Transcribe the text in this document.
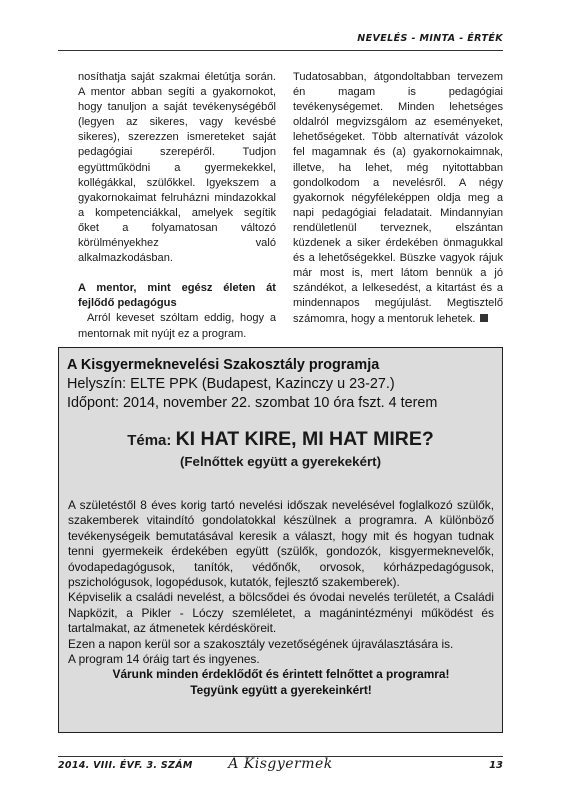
NEVELÉS - MINTA - ÉRTÉK

nosíthatja saját szakmai életútja során. A mentor abban segíti a gyakornokot, hogy tanuljon a saját tevékenységéből (legyen az sikeres, vagy kevésbé sikeres), szerezzen ismereteket saját pedagógiai szerepéről. Tudjon együttműködni a gyermekekkel, kollégákkal, szülőkkel. Igyekszem a gyakornokaimat felruházni mindazokkal a kompetenciákkal, amelyek segítik őket a folyamatosan változó körülményekhez való alkalmazkodásban.

A mentor, mint egész életen át fejlődő pedagógus

Arról keveset szóltam eddig, hogy a mentornak mit nyújt ez a program.

Tudatosabban, átgondoltabban tervezem én magam is pedagógiai tevékenységemet. Minden lehetséges oldalról megvizsgálom az eseményeket, lehetőségeket. Több alternatívát vázolok fel magamnak és (a) gyakornokaimnak, illetve, ha lehet, még nyitottabban gondolkodom a nevelésről. A négy gyakornok négyféleképpen oldja meg a napi pedagógiai feladatait. Mindannyian rendületlenül terveznek, elszántan küzdenek a siker érdekében önmagukkal és a lehetőségekkel. Büszke vagyok rájuk már most is, mert látom bennük a jó szándékot, a lelkesedést, a kitartást és a mindennapos megújulást. Megtisztelő számomra, hogy a mentoruk lehetek.

A Kisgyermeknevelési Szakosztály programja
Helyszín: ELTE PPK (Budapest, Kazinczy u 23-27.)
Időpont: 2014, november 22. szombat 10 óra fszt. 4 terem
Téma: KI HAT KIRE, MI HAT MIRE?
(Felnőttek együtt a gyerekekért)

A születéstől 8 éves korig tartó nevelési időszak nevelésével foglalkozó szülők, szakemberek vitaindító gondolatokkal készülnek a programra. A különböző tevékenységeik bemutatásával keresik a választ, hogy mit és hogyan tudnak tenni gyermekeik érdekében együtt (szülők, gondozók, kisgyermeknevelők, óvodapedagógusok, tanítók, védőnők, orvosok, kórházpedagógusok, pszichológusok, logopédusok, kutatók, fejlesztő szakemberek).

Képviselik a családi nevelést, a bölcsődei és óvodai nevelés területét, a Családi Napközit, a Pikler - Lóczy szemléletet, a magánintézményi működést és tartalmakat, az átmenetek kérdésköreit.

Ezen a napon kerül sor a szakosztály vezetőségének újraválasztására is.

A program 14 óráig tart és ingyenes.

Várunk minden érdeklődőt és érintett felnőttet a programra!

Tegyünk együtt a gyerekeinkért!

2014. VIII. ÉVF. 3. SZÁM	A Kisgyermek	13
